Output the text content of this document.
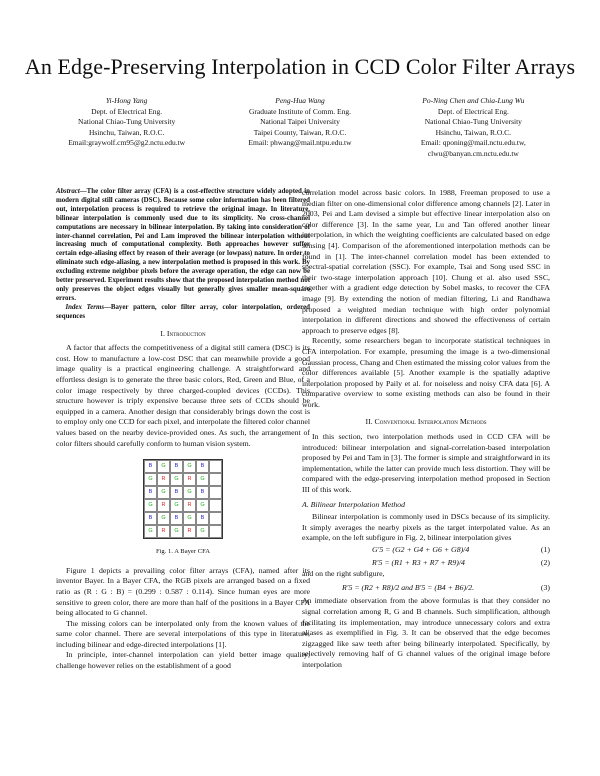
An Edge-Preserving Interpolation in CCD Color Filter Arrays
Yi-Hong Yang
Dept. of Electrical Eng.
National Chiao-Tung University
Hsinchu, Taiwan, R.O.C.
Email:graywolf.cm95@g2.nctu.edu.tw
Peng-Hua Wang
Graduate Institute of Comm. Eng.
National Taipei University
Taipei County, Taiwan, R.O.C.
Email: phwang@mail.ntpu.edu.tw
Po-Ning Chen and Chia-Lung Wu
Dept. of Electrical Eng.
National Chiao-Tung University
Hsinchu, Taiwan, R.O.C.
Email: qponing@mail.nctu.edu.tw,
clwu@banyan.cm.nctu.edu.tw
Abstract—The color filter array (CFA) is a cost-effective structure widely adopted in modern digital still cameras (DSC). Because some color information has been filtered out, interpolation process is required to retrieve the original image. In literature, bilinear interpolation is commonly used due to its simplicity. No cross-channel computations are necessary in bilinear interpolation. By taking into consideration of inter-channel correlation, Pei and Lam improved the bilinear interpolation without increasing much of computational complexity. Both approaches however suffer certain edge-aliasing effect by reason of their average (or lowpass) nature. In order to eliminate such edge-aliasing, a new interpolation method is proposed in this work. By excluding extreme neighbor pixels before the average operation, the edge can now be better preserved. Experiment results show that the proposed interpolation method not only preserves the object edges visually but generally gives smaller mean-square errors.
Index Terms—Bayer pattern, color filter array, color interpolation, ordered sequences
I. Introduction

A factor that affects the competitiveness of a digital still camera (DSC) is its cost. How to manufacture a low-cost DSC that can meanwhile provide a good image quality is a practical engineering challenge. A straightforward and effortless design is to generate the three basic colors, Red, Green and Blue, of a color image respectively by three charged-coupled devices (CCDs). This structure however is triply expensive because three sets of CCDs should be equipped in a camera. Another design that considerably brings down the cost is to employ only one CCD for each pixel, and interpolate the filtered color channel values based on the nearby device-provided ones. As such, the arrangement of color filters should carefully conform to human vision system.

B	G	B	G	B
G	R	G	R	G
B	G	B	G	B
G	R	G	R	G
B	G	B	G	B
G	R	G	R	G
Fig. 1. A Bayer CFA

Figure 1 depicts a prevailing color filter arrays (CFA), named after its inventor Bayer. In a Bayer CFA, the RGB pixels are arranged based on a fixed ratio as (R : G : B) = (0.299 : 0.587 : 0.114). Since human eyes are more sensitive to green color, there are more than half of the positions in a Bayer CFA being allocated to G channel.

The missing colors can be interpolated only from the known values of the same color channel. There are several interpolations of this type in literature, including bilinear and edge-directed interpolations [1].

In principle, inter-channel interpolation can yield better image quality; challenge however relies on the establishment of a good

correlation model across basic colors. In 1988, Freeman proposed to use a median filter on one-dimensional color difference among channels [2]. Later in 2003, Pei and Lam devised a simple but effective linear interpolation also on color difference [3]. In the same year, Lu and Tan offered another linear interpolation, in which the weighting coefficients are calculated based on edge sensing [4]. Comparison of the aforementioned interpolation methods can be found in [1]. The inter-channel correlation model has been extended to spectral-spatial correlation (SSC). For example, Tsai and Song used SSC in their two-stage interpolation approach [10]. Chung et al. also used SSC, together with a gradient edge detection by Sobel masks, to recover the CFA image [9]. By extending the notion of median filtering, Li and Randhawa proposed a weighted median technique with high order polynomial interpolation in different directions and showed the effectiveness of certain approach to preserve edges [8].

Recently, some researchers began to incorporate statistical techniques in CFA interpolation. For example, presuming the image is a two-dimensional Gaussian process, Chang and Chen estimated the missing color values from the color differences available [5]. Another example is the spatially adaptive interpolation proposed by Paily et al. for noiseless and noisy CFA data [6]. A comparative overview to some existing methods can also be found in their work.

II. Conventional Interpolation Methods

In this section, two interpolation methods used in CCD CFA will be introduced: bilinear interpolation and signal-correlation-based interpolation proposed by Pei and Tam in [3]. The former is simple and straightforward in its implementation, while the latter can provide much less distortion. They will be compared with the edge-preserving interpolation method proposed in Section III of this work.

A. Bilinear Interpolation Method

Bilinear interpolation is commonly used in DSCs because of its simplicity. It simply averages the nearby pixels as the target interpolated value. As an example, on the left subfigure in Fig. 2, bilinear interpolation gives

G′5 = (G2 + G4 + G6 + G8)/4	(1)
R′5 = (R1 + R3 + R7 + R9)/4	(2)

and on the right subfigure,

R′5 = (R2 + R8)/2 and B′5 = (B4 + B6)/2.	(3)

An immediate observation from the above formulas is that they consider no signal correlation among R, G and B channels. Such simplification, although facilitating its implementation, may introduce unnecessary colors and extra aliases as exemplified in Fig. 3. It can be observed that the edge becomes zigzagged like saw teeth after being bilinearly interpolated. Specifically, by selectively removing half of G channel values of the original image before interpolation
